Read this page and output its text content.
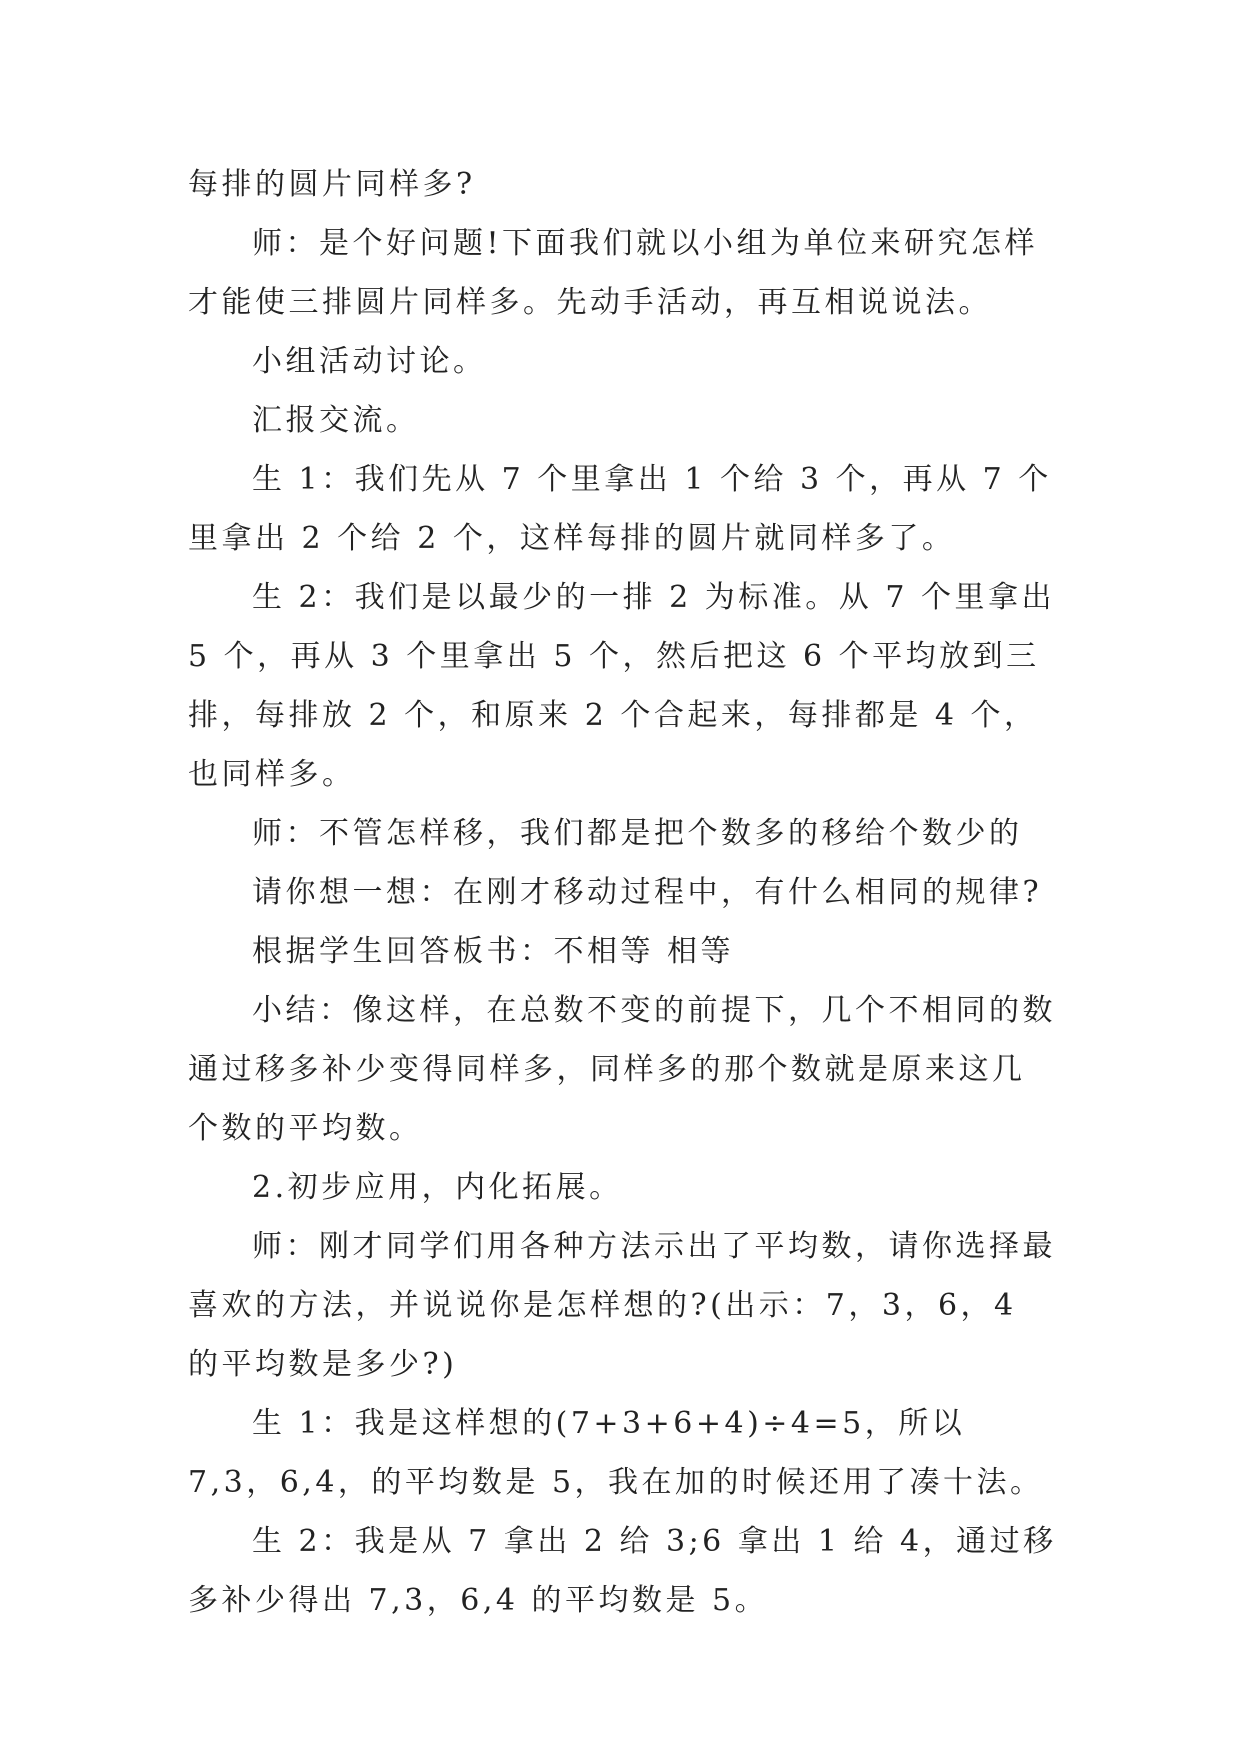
每排的圆片同样多?

师：是个好问题!下面我们就以小组为单位来研究怎样才能使三排圆片同样多。先动手活动，再互相说说法。

小组活动讨论。

汇报交流。

生 1：我们先从 7 个里拿出 1 个给 3 个，再从 7 个里拿出 2 个给 2 个，这样每排的圆片就同样多了。

生 2：我们是以最少的一排 2 为标准。从 7 个里拿出 5 个，再从 3 个里拿出 5 个，然后把这 6 个平均放到三排，每排放 2 个，和原来 2 个合起来，每排都是 4 个，也同样多。

师：不管怎样移，我们都是把个数多的移给个数少的

请你想一想：在刚才移动过程中，有什么相同的规律?

根据学生回答板书：不相等 相等

小结：像这样，在总数不变的前提下，几个不相同的数通过移多补少变得同样多，同样多的那个数就是原来这几个数的平均数。

2.初步应用，内化拓展。

师：刚才同学们用各种方法示出了平均数，请你选择最喜欢的方法，并说说你是怎样想的?(出示：7，3，6，4 的平均数是多少?)

生 1：我是这样想的(7+3+6+4)÷4=5，所以 7,3，6,4，的平均数是 5，我在加的时候还用了凑十法。

生 2：我是从 7 拿出 2 给 3;6 拿出 1 给 4，通过移多补少得出 7,3，6,4 的平均数是 5。
